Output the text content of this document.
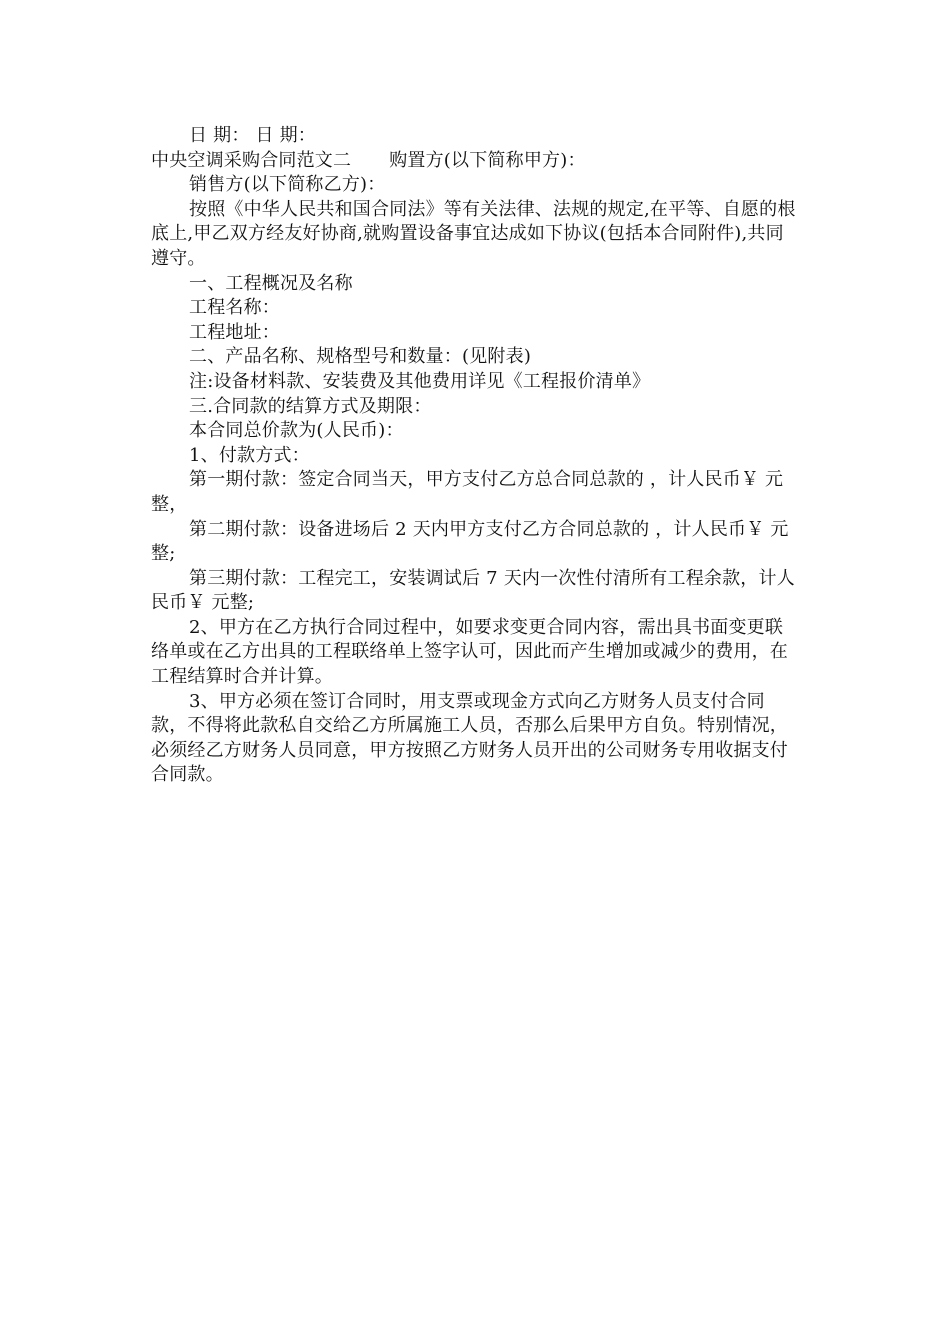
日 期： 日 期：

中央空调采购合同范文二 购置方(以下简称甲方)：

销售方(以下简称乙方)：

按照《中华人民共和国合同法》等有关法律、法规的规定,在平等、自愿的根底上,甲乙双方经友好协商,就购置设备事宜达成如下协议(包括本合同附件),共同遵守。

一、工程概况及名称

工程名称：

工程地址：

二、产品名称、规格型号和数量：(见附表)

注:设备材料款、安装费及其他费用详见《工程报价清单》

三.合同款的结算方式及期限：

本合同总价款为(人民币)：

1、付款方式：

第一期付款：签定合同当天，甲方支付乙方总合同总款的 ，计人民币￥ 元整，

第二期付款：设备进场后 2 天内甲方支付乙方合同总款的 ，计人民币￥ 元整;

第三期付款：工程完工，安装调试后 7 天内一次性付清所有工程余款，计人民币￥ 元整;

2、甲方在乙方执行合同过程中，如要求变更合同内容，需出具书面变更联络单或在乙方出具的工程联络单上签字认可，因此而产生增加或减少的费用，在工程结算时合并计算。

3、甲方必须在签订合同时，用支票或现金方式向乙方财务人员支付合同款，不得将此款私自交给乙方所属施工人员，否那么后果甲方自负。特别情况，必须经乙方财务人员同意，甲方按照乙方财务人员开出的公司财务专用收据支付合同款。
